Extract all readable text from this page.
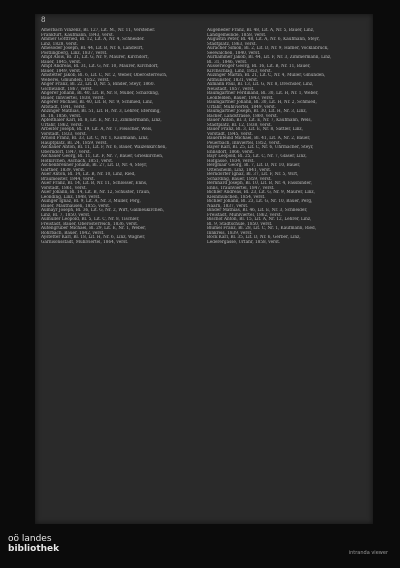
8
Amerbach Vinzenz, Bl. 127, Lit. M., Nr. 11, Versteher.
Frankfurt, Kaufmann, 1843, verst.
Ammer Gottfried, Bl. 12, Lit. A, Nr. 4, Schneider.
Linz, 1828, verst.
Amesöder Joseph, Bl. 44, Lit. B, Nr. 6, Landwirt,
Pöstlingberg, Linz, 1837, verst.
Ampf Alois, Bl. 31, Lit. G, Nr. 9, Maurer, Kirchdorf,
Bauer, 1845, verst.
Ampf Andreas, Bl. 31, Lit. G, Nr. 10, Maurer, Kirchdorf,
Bauer, 1849, verst.
Amstetter Jakob, Bl. 6, Lit. C, Nr. 2, Weber, Oberösterreich,
Weberei, Gmunden, 1852, verst.
Anger Franz, Bl. 22, Lit. D, Nr. 5, Binder, Steyr, 1860.
Gschwandt, 1867, verst.
Angerer Johann, Bl. 40, Lit. B, Nr. 8, Müller, Schärding,
Bauer, Innviertel, 1838, verst.
Angerer Michael, Bl. 40, Lit. B, Nr. 9, Schmied, Linz,
Altstadt, 1841, verst.
Anzinger Mathias, Bl. 51, Lit. H, Nr. 3, Lehrer, Eferding,
Bl. 18, 1856, verst.
Apfelthaler Karl, Bl. 8, Lit. E, Nr. 12, Zimmermann, Linz,
Urfahr, 1862, verst.
Arbeiter Joseph, Bl. 19, Lit. A, Nr. 7, Fleischer, Wels,
Vorstadt, 1833, verst.
Arnold Franz, Bl. 33, Lit. C, Nr. 1, Kaufmann, Linz,
Hauptplatz, Bl. 24, 1859, verst.
Aschauer Anton, Bl. 11, Lit. F, Nr. 6, Bauer, Waizenkirchen,
Oberndorf, 1847, verst.
Aschauer Georg, Bl. 11, Lit. F, Nr. 7, Bauer, Grieskirchen,
Hofkirchen, Aschach, 1851, verst.
Aschenbrenner Johann, Bl. 27, Lit. D, Nr. 4, Steyr,
Gärtner, 1839, verst.
Auer Anton, Bl. 14, Lit. B, Nr. 10, Linz, Ried,
Braumeister, 1844, verst.
Auer Franz, Bl. 14, Lit. B, Nr. 11, Schlosser, Enns,
Vorstadt, 1861, verst.
Auer Johann, Bl. 14, Lit. B, Nr. 12, Schuster, Traun,
Leonding, Linz, 1848, verst.
Auinger Ignaz, Bl. 9, Lit. A, Nr. 3, Müller, Perg,
Bauer, Mauthausen, 1855, verst.
Aumayr Joseph, Bl. 36, Lit. G, Nr. 2, Wirt, Gallneukirchen,
Linz, Bl. 7, 1850, verst.
Aumüller Leopold, Bl. 5, Lit. C, Nr. 8, Tischler,
Freistadt, Bauer, Oberösterreich, 1836, verst.
Autengruber Michael, Bl. 29, Lit. E, Nr. 1, Weber,
Rohrbach, Bauer, 1842, verst.
Aystetter Karl, Bl. 18, Lit. H, Nr. 6, Linz, Wagner,
Garnisonsstadt, Mühlviertel, 1864, verst.
Augeneder Franz, Bl. 48, Lit. A, Nr. 5, Bauer, Linz,
Landgemeinde, 1858, verst.
Augustin Peter, Bl. 48, Lit. A, Nr. 6, Kaufmann, Steyr,
Stadtplatz, 1863, verst.
Auracher Simon, Bl. 2, Lit. D, Nr. 9, Hafner, Vöcklabruck,
Seewalchen, 1840, verst.
Aurhammer Jakob, Bl. 44, Lit. F, Nr. 3, Zimmermann, Linz,
Bl. 31, 1846, verst.
Ausserwöger Georg, Bl. 16, Lit. B, Nr. 11, Bauer,
Kirchschlag, Linz, 1853, verst.
Auzinger Martin, Bl. 21, Lit. C, Nr. 4, Müller, Gmunden,
Altmünster, 1831, verst.
Axmann Paul, Bl. 13, Lit. G, Nr. 8, Drechsler, Linz,
Neustadt, 1857, verst.
Baumgartner Ferdinand, Bl. 30, Lit. H, Nr. 1, Weber,
Leonfelden, Bauer, 1843, verst.
Baumgartner Johann, Bl. 30, Lit. H, Nr. 2, Schmied,
Urfahr, Mühlviertel, 1849, verst.
Baumgartner Joseph, Bl. 30, Lit. H, Nr. 3, Linz,
Bäcker, Landstrasse, 1860, verst.
Bauer Anton, Bl. 3, Lit. E, Nr. 7, Kaufmann, Wels,
Stadtplatz, Bl. 12, 1838, verst.
Bauer Franz, Bl. 3, Lit. E, Nr. 8, Sattler, Linz,
Vorstadt, 1845, verst.
Bauernfeind Michael, Bl. 41, Lit. A, Nr. 2, Bauer,
Peuerbach, Innviertel, 1852, verst.
Bayer Karl, Bl. 25, Lit. C, Nr. 6, Uhrmacher, Steyr,
Ennsdorf, 1866, verst.
Bayr Leopold, Bl. 25, Lit. C, Nr. 7, Glaser, Linz,
Hofgasse, 1834, verst.
Bergmair Georg, Bl. 7, Lit. D, Nr. 10, Bauer,
Ottensheim, Linz, 1841, verst.
Berndorfer Ignaz, Bl. 37, Lit. F, Nr. 5, Wirt,
Schärding, Bauer, 1859, verst.
Bernhard Joseph, Bl. 10, Lit. B, Nr. 4, Fassbinder,
Enns, Traunviertel, 1847, verst.
Bichler Andreas, Bl. 23, Lit. G, Nr. 9, Maurer, Linz,
Kleinmünchen, 1854, verst.
Bichler Johann, Bl. 23, Lit. G, Nr. 10, Bauer, Perg,
Naarn, 1837, verst.
Binder Mathias, Bl. 46, Lit. E, Nr. 3, Schneider,
Freistadt, Mühlviertel, 1862, verst.
Bischof Anton, Bl. 15, Lit. A, Nr. 12, Lehrer, Linz,
Bl. 9, Stadtschule, 1850, verst.
Blümel Franz, Bl. 28, Lit. C, Nr. 1, Kaufmann, Ried,
Innkreis, 1839, verst.
Böck Karl, Bl. 35, Lit. D, Nr. 6, Gerber, Linz,
Lederergasse, Urfahr, 1858, verst.
oö landes
bibliothek	intranda viewer
